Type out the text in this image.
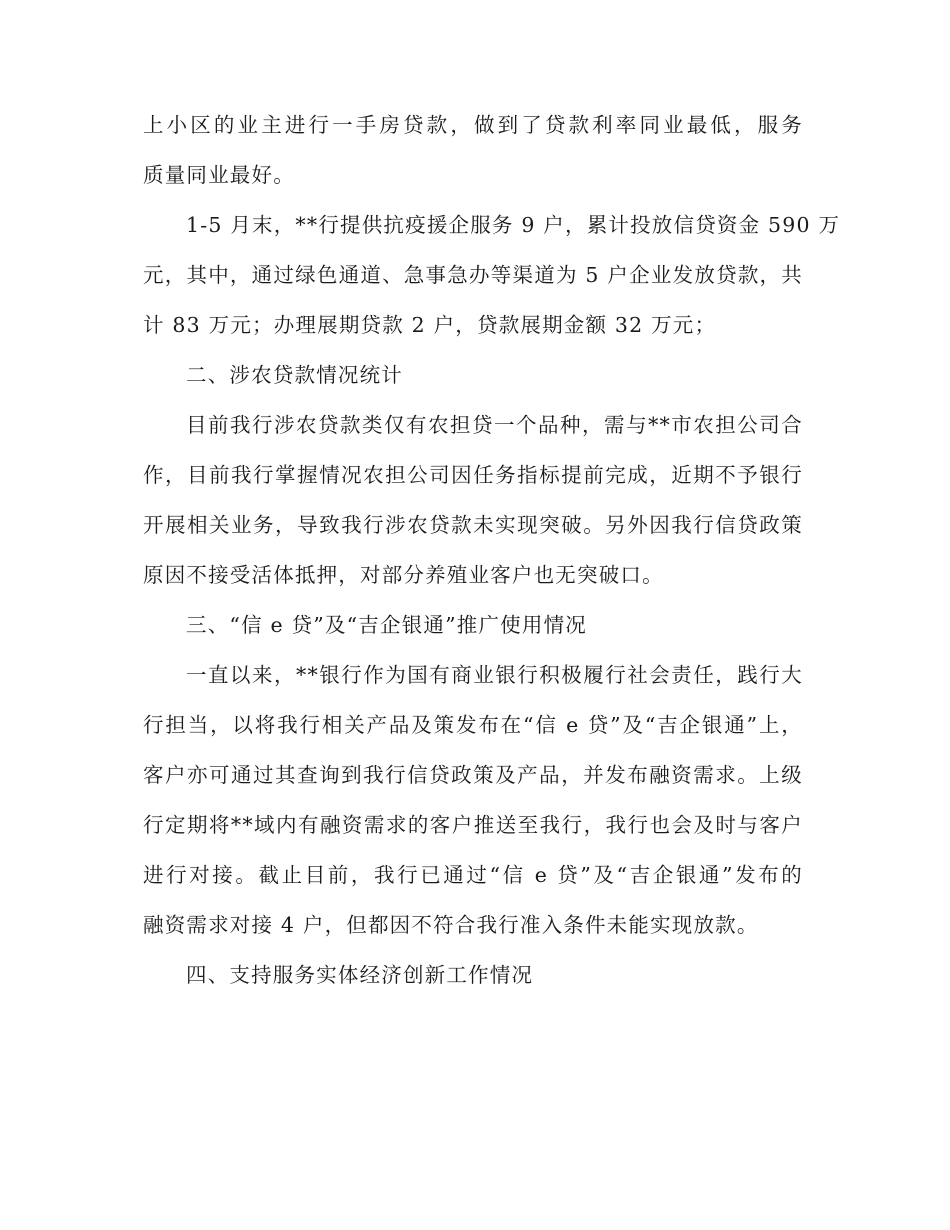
上小区的业主进行一手房贷款，做到了贷款利率同业最低，服务
质量同业最好。
1-5 月末，**行提供抗疫援企服务 9 户，累计投放信贷资金 590 万
元，其中，通过绿色通道、急事急办等渠道为 5 户企业发放贷款，共
计 83 万元；办理展期贷款 2 户，贷款展期金额 32 万元；
二、涉农贷款情况统计
目前我行涉农贷款类仅有农担贷一个品种，需与**市农担公司合
作，目前我行掌握情况农担公司因任务指标提前完成，近期不予银行
开展相关业务，导致我行涉农贷款未实现突破。另外因我行信贷政策
原因不接受活体抵押，对部分养殖业客户也无突破口。
三、“信 e 贷”及“吉企银通”推广使用情况
一直以来，**银行作为国有商业银行积极履行社会责任，践行大
行担当，以将我行相关产品及策发布在“信 e 贷”及“吉企银通”上，
客户亦可通过其查询到我行信贷政策及产品，并发布融资需求。上级
行定期将**域内有融资需求的客户推送至我行，我行也会及时与客户
进行对接。截止目前，我行已通过“信 e 贷”及“吉企银通”发布的
融资需求对接 4 户，但都因不符合我行准入条件未能实现放款。
四、支持服务实体经济创新工作情况
